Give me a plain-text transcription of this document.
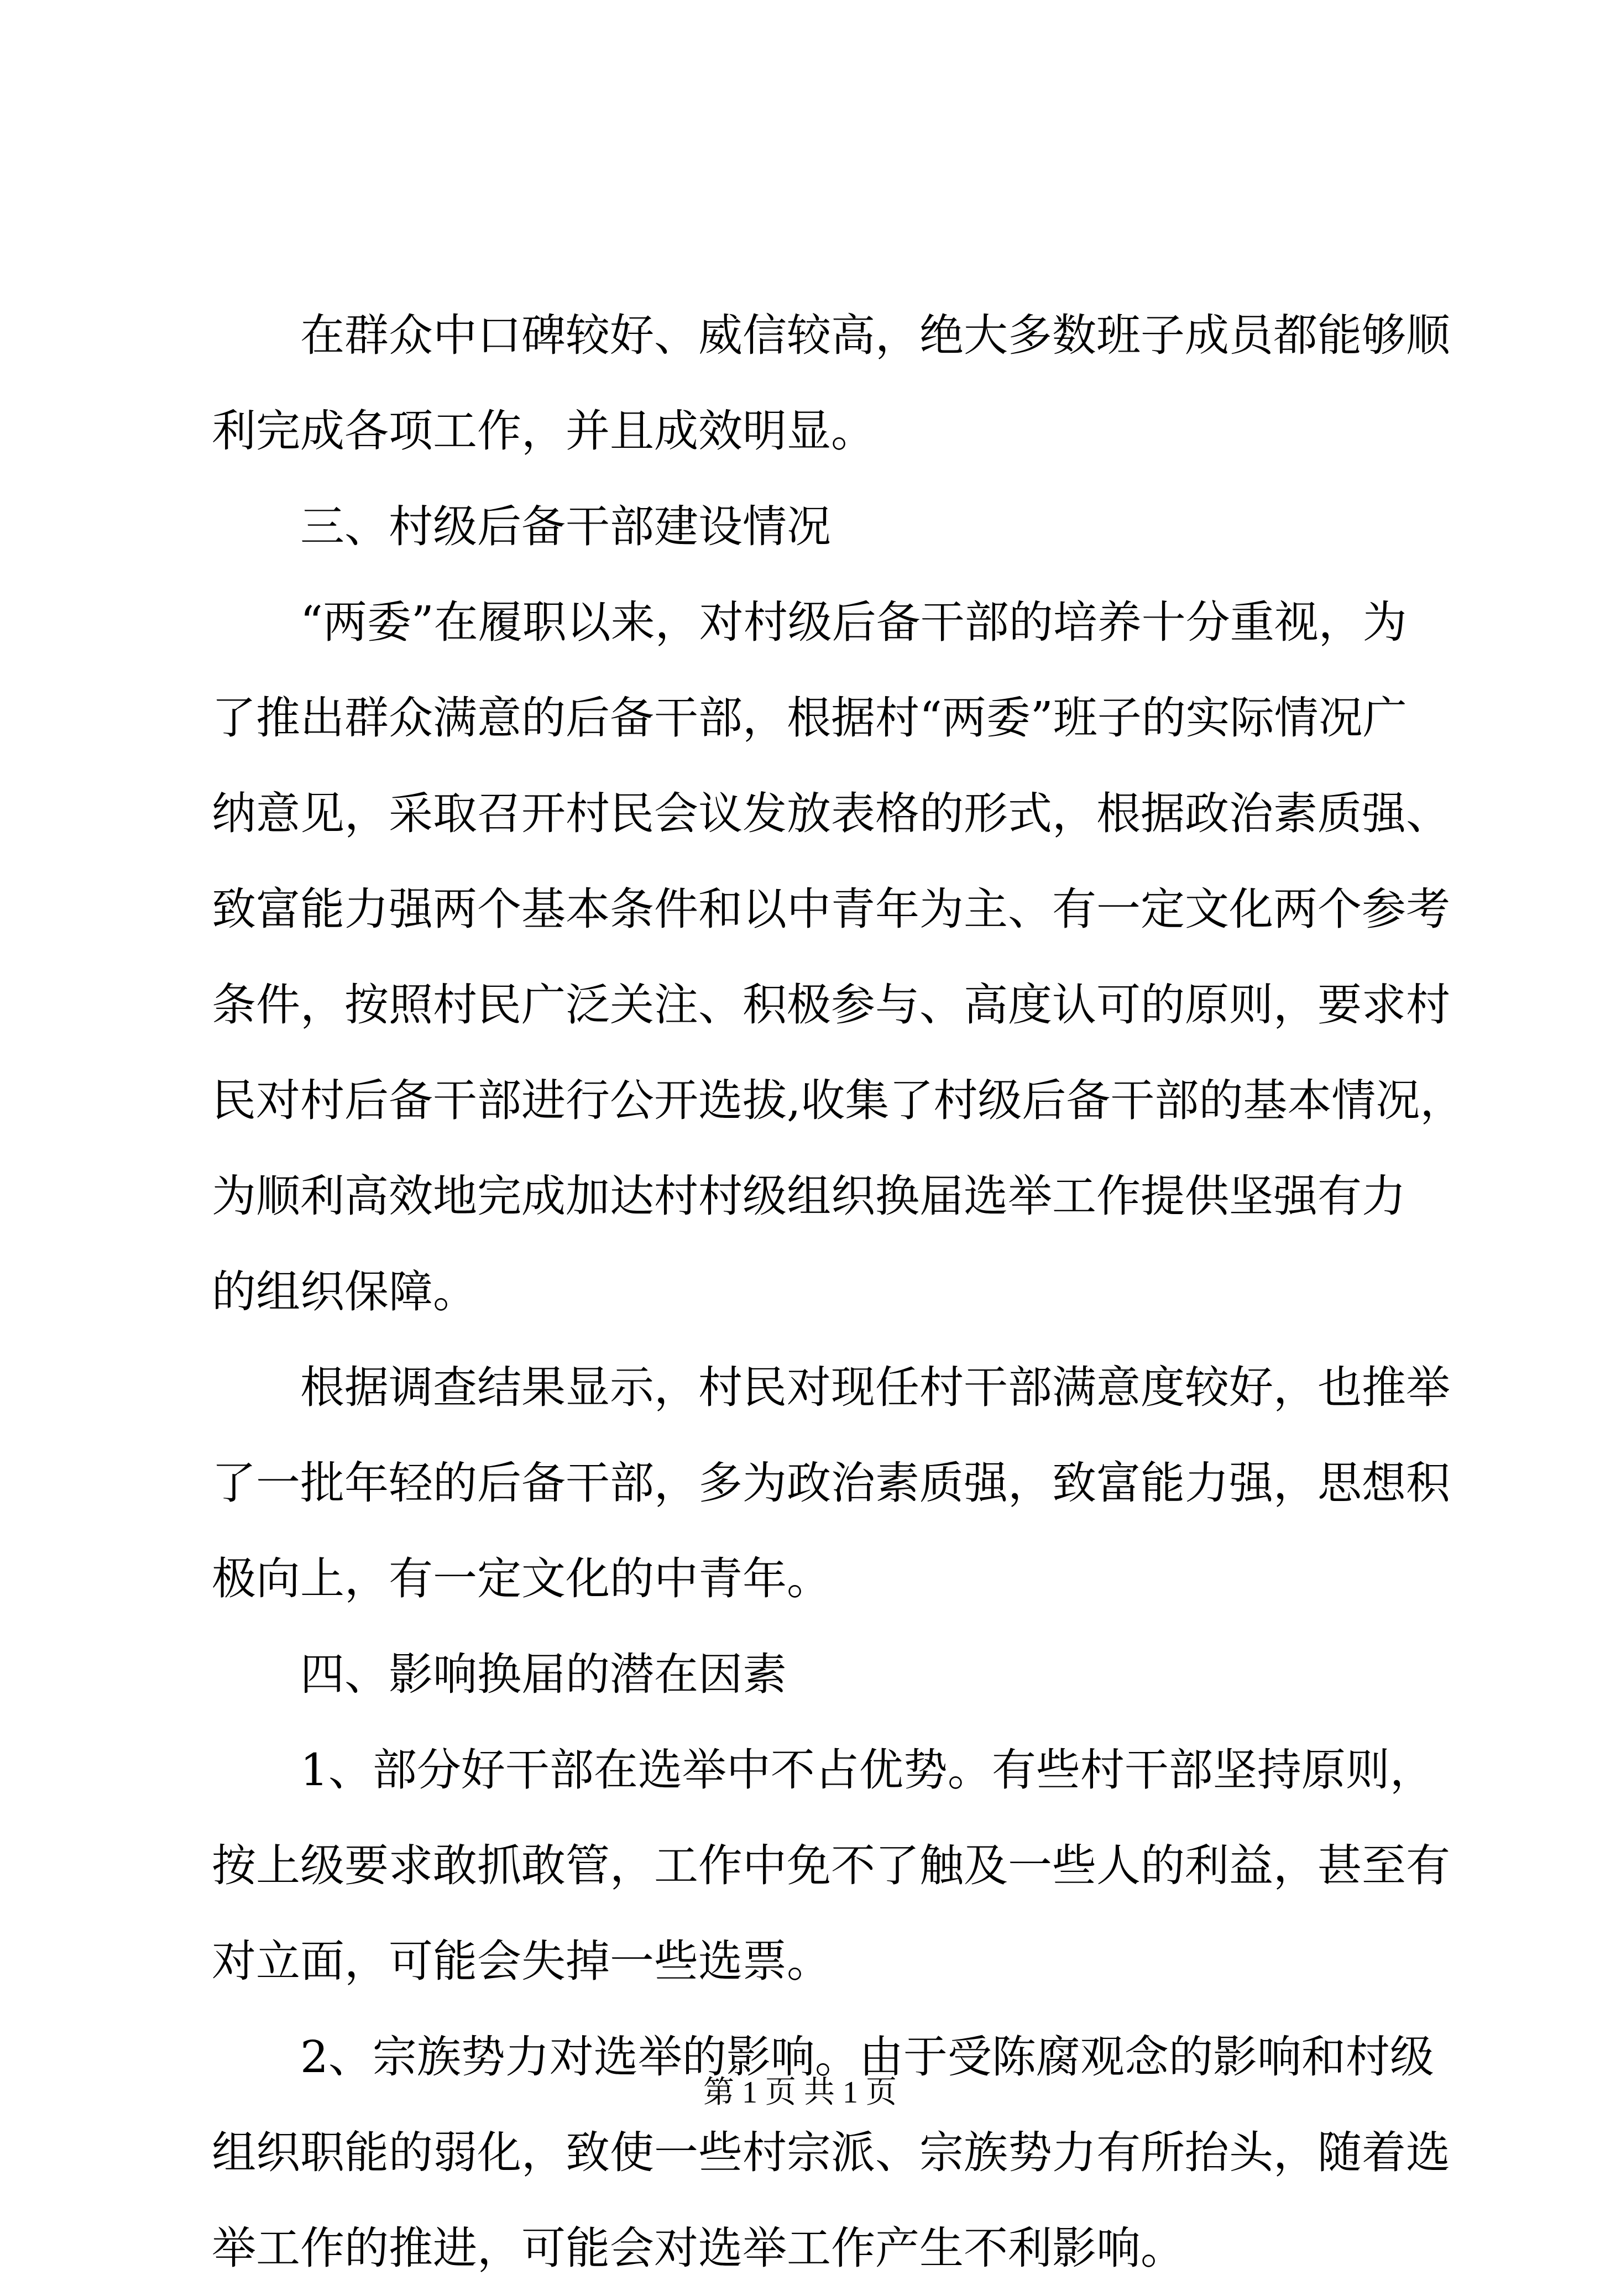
在群众中口碑较好、威信较高，绝大多数班子成员都能够顺
利完成各项工作，并且成效明显。
三、村级后备干部建设情况
“两委”在履职以来，对村级后备干部的培养十分重视，为
了推出群众满意的后备干部，根据村“两委”班子的实际情况广
纳意见，采取召开村民会议发放表格的形式，根据政治素质强、
致富能力强两个基本条件和以中青年为主、有一定文化两个参考
条件，按照村民广泛关注、积极参与、高度认可的原则，要求村
民对村后备干部进行公开选拔,收集了村级后备干部的基本情况，
为顺利高效地完成加达村村级组织换届选举工作提供坚强有力
的组织保障。
根据调查结果显示，村民对现任村干部满意度较好，也推举
了一批年轻的后备干部，多为政治素质强，致富能力强，思想积
极向上，有一定文化的中青年。
四、影响换届的潜在因素
1、部分好干部在选举中不占优势。有些村干部坚持原则，
按上级要求敢抓敢管，工作中免不了触及一些人的利益，甚至有
对立面，可能会失掉一些选票。
2、宗族势力对选举的影响。由于受陈腐观念的影响和村级
组织职能的弱化，致使一些村宗派、宗族势力有所抬头，随着选
举工作的推进，可能会对选举工作产生不利影响。
第 1 页 共 1 页
